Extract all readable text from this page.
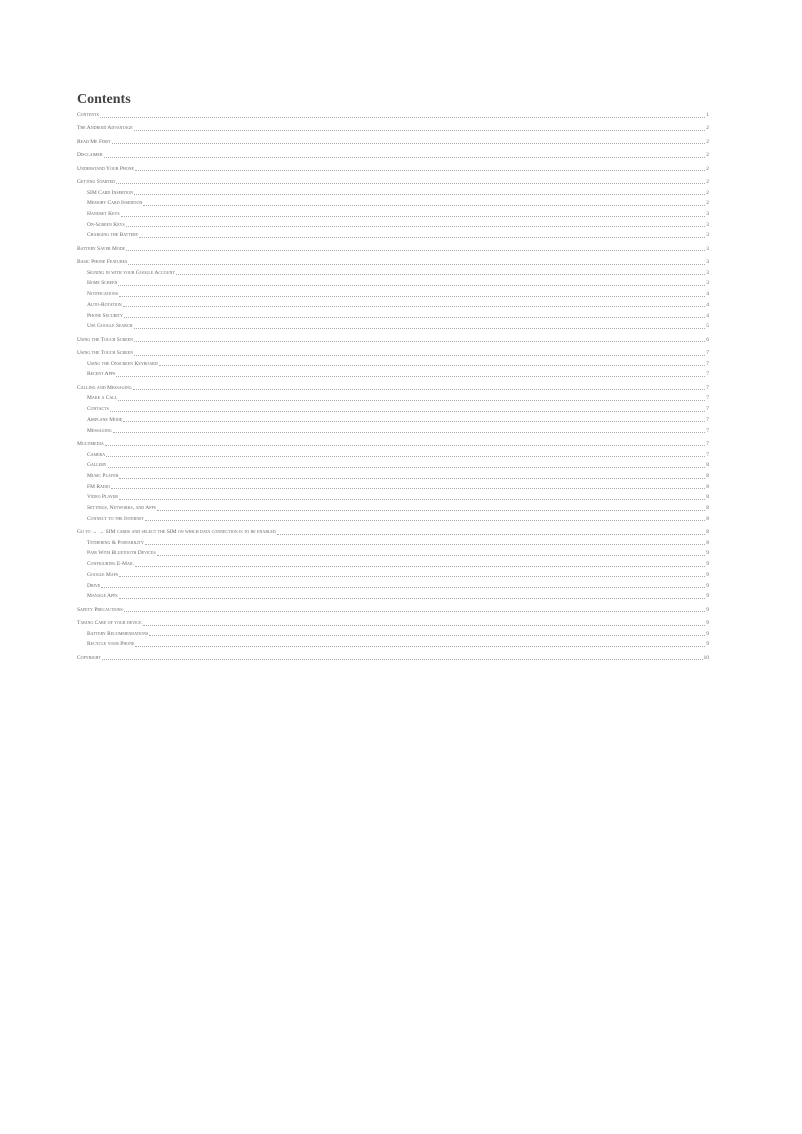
Contents
Contents	1
The Android Advantage	2
Read Me First	2
Disclaimer	2
Understand Your Phone	2
Getting Started	2
SIM Card Insertion	2
Memory Card Insertion	2
Handset Keys	3
On-Screen Keys	3
Charging the Battery	3
Battery Saver Mode	3
Basic Phone Features	3
Signing in with your Google Account	3
Home Screen	3
Notifications	4
Auto-Rotation	4
Phone Security	4
Use Google Search	5
Using the Touch Screen	6
Using the Touch Screen	7
Using the Onscreen Keyboard	7
Recent Apps	7
Calling and Messaging	7
Make a Call	7
Contacts	7
Airplane Mode	7
Messaging	7
Multimedia	7
Camera	7
Gallery	8
Music Player	8
FM Radio	8
Video Player	8
Settings, Networks, and Apps	8
Connect to the Internet	8
Go to → → SIM cards and select the SIM on which data connection is to be enabled	8
Tethering & Portability	8
Pair With Bluetooth Devices	9
Configuring E-Mail	9
Google Maps	9
Drive	9
Manage Apps	9
Safety Precautions	9
Taking Care of your device	9
Battery Recommendations	9
Recycle your Phone	9
Copyright	10
